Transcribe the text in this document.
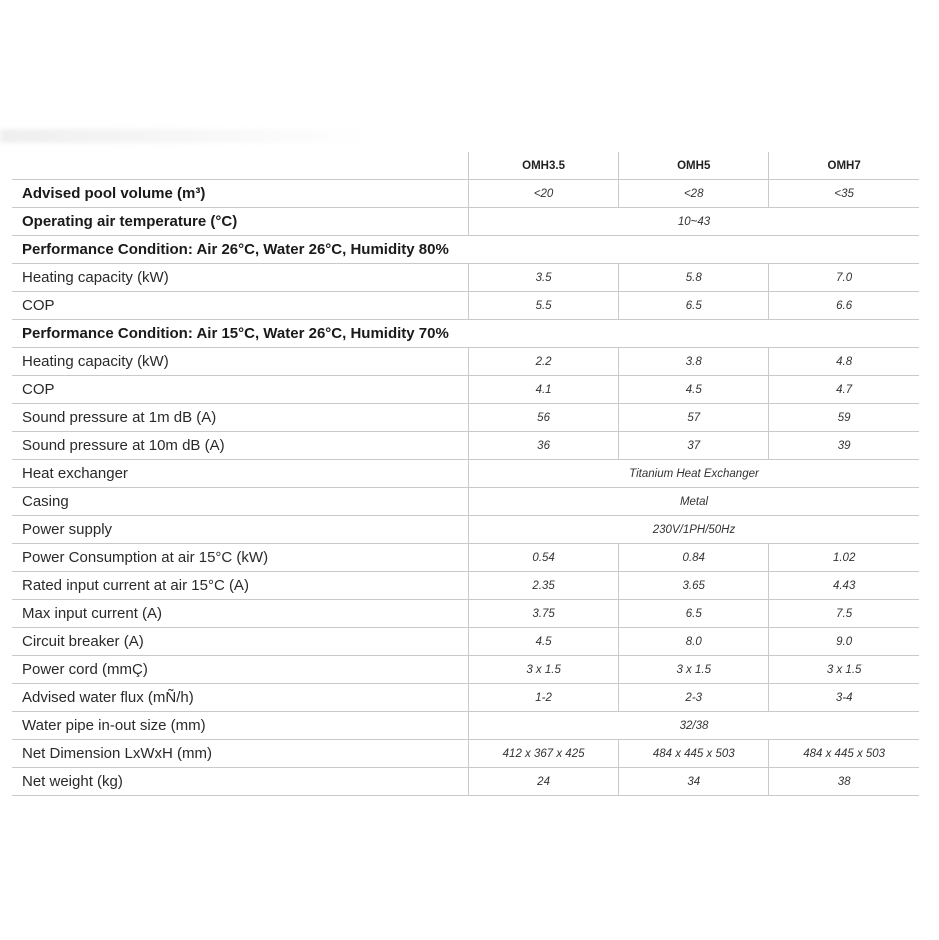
	OMH3.5	OMH5	OMH7
Advised pool volume (m³)	<20	<28	<35
Operating air temperature (°C)	10~43		
Performance Condition: Air 26°C, Water 26°C, Humidity 80%			
Heating capacity (kW)	3.5	5.8	7.0
COP	5.5	6.5	6.6
Performance Condition: Air 15°C, Water 26°C, Humidity 70%			
Heating capacity (kW)	2.2	3.8	4.8
COP	4.1	4.5	4.7
Sound pressure at 1m dB (A)	56	57	59
Sound pressure at 10m dB (A)	36	37	39
Heat exchanger	Titanium Heat Exchanger		
Casing	Metal		
Power supply	230V/1PH/50Hz		
Power Consumption at air 15°C (kW)	0.54	0.84	1.02
Rated input current at air 15°C (A)	2.35	3.65	4.43
Max input current (A)	3.75	6.5	7.5
Circuit breaker (A)	4.5	8.0	9.0
Power cord (mmÇ)	3 x 1.5	3 x 1.5	3 x 1.5
Advised water flux (mÑ/h)	1-2	2-3	3-4
Water pipe in-out size (mm)	32/38		
Net Dimension LxWxH (mm)	412 x 367 x 425	484 x 445 x 503	484 x 445 x 503
Net weight (kg)	24	34	38
